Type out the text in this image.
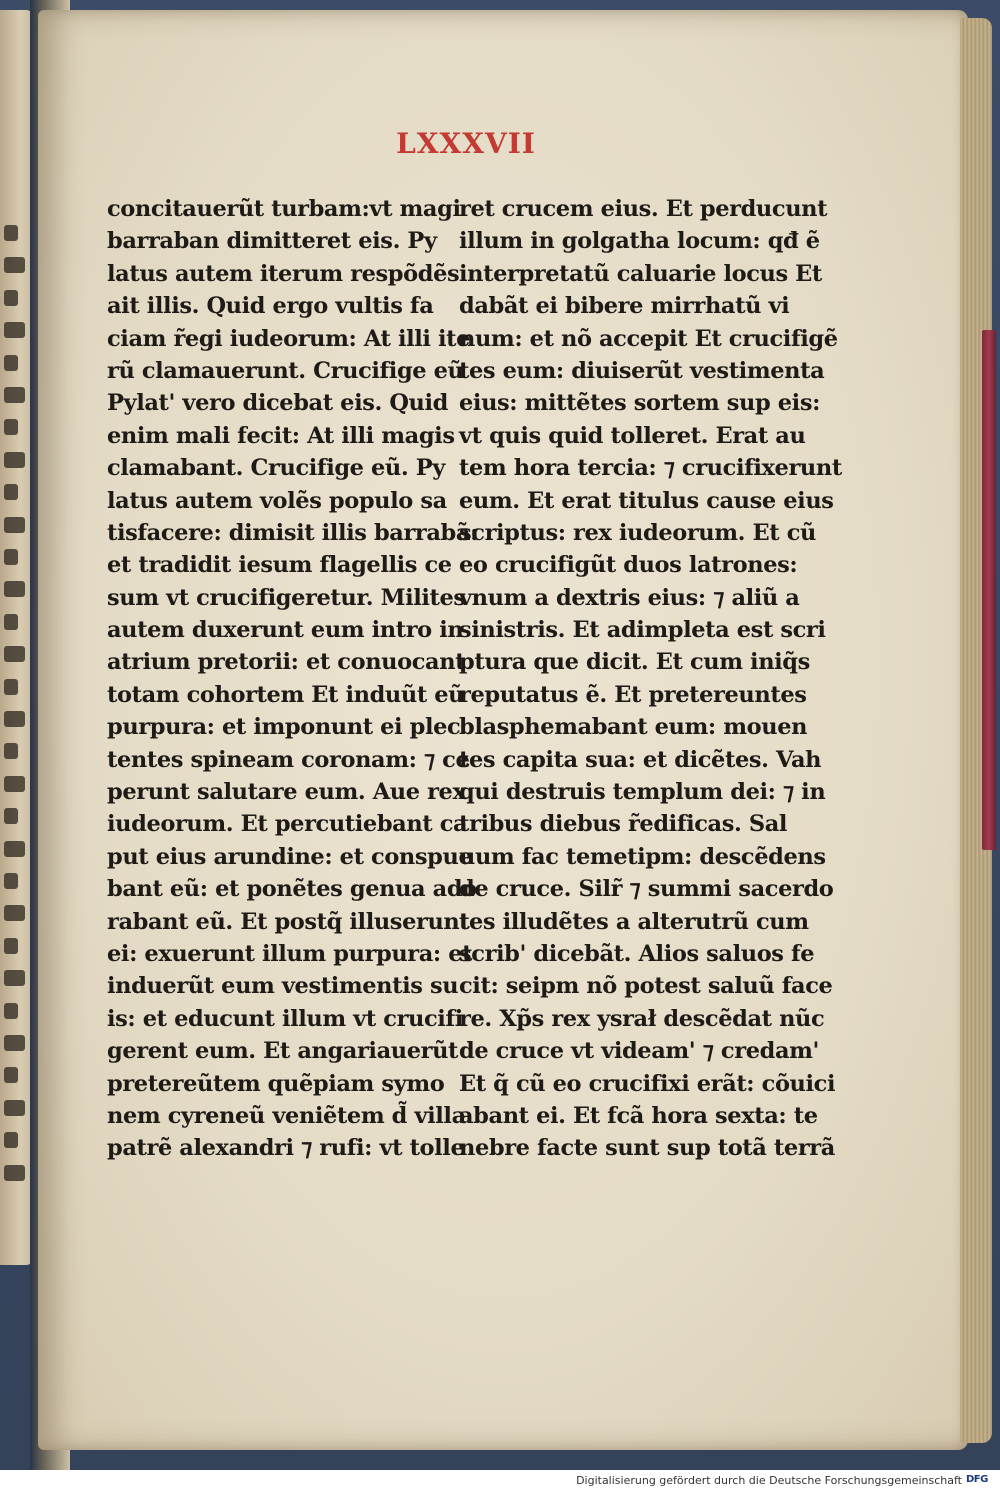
LXXXVII
concitauerũt turbam:vt magi
barraban dimitteret eis. Py
latus autem iterum respõdẽs
ait illis. Quid ergo vultis fa
ciam r̃egi iudeorum: At illi ite
rũ clamauerunt. Crucifige eũ
Pylat' vero dicebat eis. Quid
enim mali fecit: At illi magis
clamabant. Crucifige eũ. Py
latus autem volẽs populo sa
tisfacere: dimisit illis barrabã:
et tradidit iesum flagellis ce
sum vt crucifigeretur. Milites
autem duxerunt eum intro in
atrium pretorii: et conuocant
totam cohortem Et induũt eũ
purpura: et imponunt ei plec
tentes spineam coronam: ⁊ ce
perunt salutare eum. Aue rex
iudeorum. Et percutiebant ca
put eius arundine: et conspue
bant eũ: et ponẽtes genua ado
rabant eũ. Et postq̃ illuserunt
ei: exuerunt illum purpura: et
induerũt eum vestimentis su
is: et educunt illum vt crucifi
gerent eum. Et angariauerũt
pretereũtem quẽpiam symo
nem cyreneũ veniẽtem d̃ villa
patrẽ alexandri ⁊ rufi: vt tolle
ret crucem eius. Et perducunt
illum in golgatha locum: qđ ẽ
interpretatũ caluarie locus Et
dabãt ei bibere mirrhatũ vi
num: et nõ accepit Et crucifigẽ
tes eum: diuiserũt vestimenta
eius: mittẽtes sortem sup eis:
vt quis quid tolleret. Erat au
tem hora tercia: ⁊ crucifixerunt
eum. Et erat titulus cause eius
scriptus: rex iudeorum. Et cũ
eo crucifigũt duos latrones:
vnum a dextris eius: ⁊ aliũ a
sinistris. Et adimpleta est scri
ptura que dicit. Et cum iniq̃s
reputatus ẽ. Et pretereuntes
blasphemabant eum: mouen
tes capita sua: et dicẽtes. Vah
qui destruis templum dei: ⁊ in
tribus diebus r̃edificas. Sal
uum fac temetipm: descẽdens
de cruce. Silr̃ ⁊ summi sacerdo
tes illudẽtes a alterutrũ cum
scrib' dicebãt. Alios saluos fe
cit: seipm nõ potest saluũ face
re. Xp̃s rex ysrał descẽdat nũc
de cruce vt videam' ⁊ credam'
Et q̃ cũ eo crucifixi erãt: cõuici
abant ei. Et fcã hora sexta: te
nebre facte sunt sup totã terrã
Digitalisierung gefördert durch die Deutsche Forschungsgemeinschaft DFG
